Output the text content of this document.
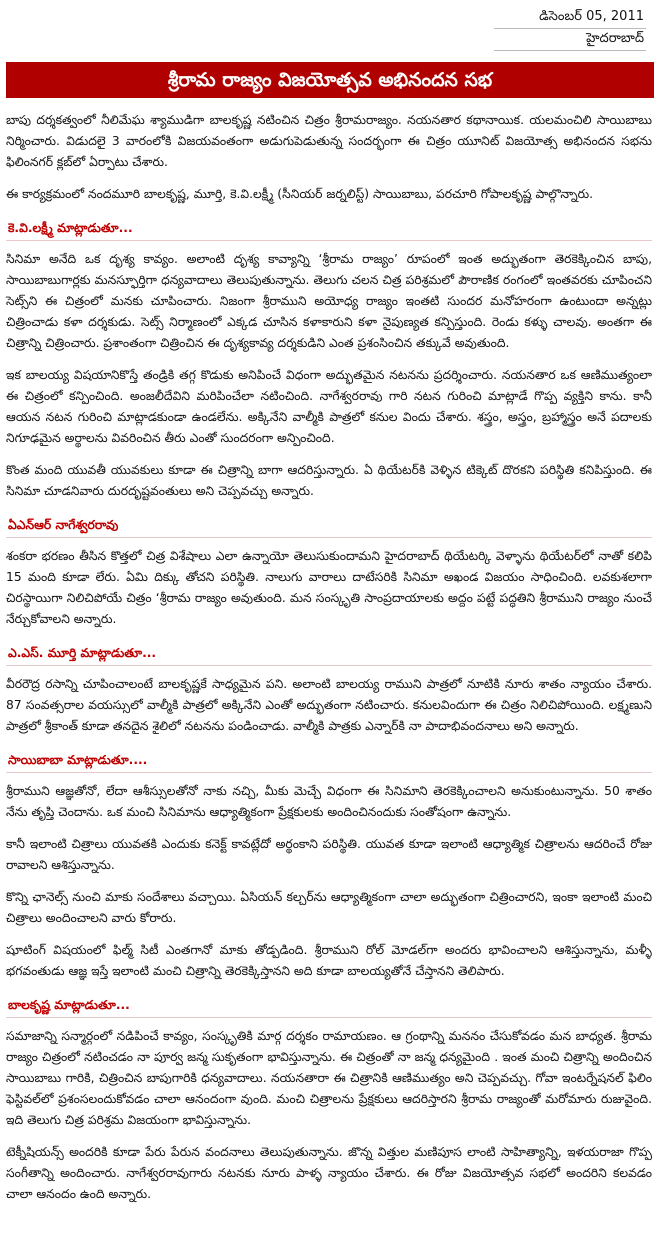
డిసెంబర్ 05, 2011
హైదరాబాద్
శ్రీరామ రాజ్యం విజయోత్సవ అభినందన సభ

బాపు దర్శకత్వంలో నీలిమేఘ శ్యాముడిగా బాలకృష్ణ నటించిన చిత్రం శ్రీరామరాజ్యం. నయనతార కథానాయిక. యలమంచిలి సాయిబాబు నిర్మించారు. విడుదలై 3 వారంలోకి విజయవంతంగా అడుగుపెడుతున్న సందర్భంగా ఈ చిత్రం యూనిట్ విజయోత్స అభినందన సభను ఫిలింనగర్ క్లబ్‌లో ఏర్పాటు చేశారు.

ఈ కార్యక్రమంలో నందమూరి బాలకృష్ణ, మూర్తి, కె.వి.లక్ష్మీ (సీనియర్ జర్నలిస్ట్) సాయిబాబు, పరచూరి గోపాలకృష్ణ పాల్గొన్నారు.

కె.వి.లక్ష్మీ మాట్లాడుతూ...

సినిమా అనేది ఒక దృశ్య కావ్యం. అలాంటి దృశ్య కావ్యాన్ని ‘శ్రీరామ రాజ్యం’ రూపంలో ఇంత అద్భుతంగా తెరకెక్కించిన బాపు, సాయిబాబుగార్లకు మనస్ఫూర్తిగా ధన్యవాదాలు తెలుపుతున్నాను. తెలుగు చలన చిత్ర పరిశ్రమలో పౌరాణిక రంగంలో ఇంతవరకు చూపించని సెట్స్‌ని ఈ చిత్రంలో మనకు చూపించారు. నిజంగా శ్రీరాముని అయోధ్య రాజ్యం ఇంతటి సుందర మనోహరంగా ఉంటుందా అన్నట్లు చిత్రించాడు కళా దర్శకుడు. సెట్స్ నిర్మాణంలో ఎక్కడ చూసిన కళాకారుని కళా నైపుణ్యత కన్పిస్తుంది. రెండు కళ్ళు చాలవు. అంతగా ఈ చిత్రాన్ని చిత్రించారు. ప్రశాంతంగా చిత్రించిన ఈ దృశ్యకావ్య దర్శకుడిని ఎంత ప్రశంసించిన తక్కువే అవుతుంది.

ఇక బాలయ్య విషయానికొస్తే తండ్రికి తగ్గ కొడుకు అనిపించే విధంగా అద్భుతమైన నటనను ప్రదర్శించారు. నయనతార ఒక ఆణిముత్యంలా ఈ చిత్రంలో కన్పించింది. అంజలీదేవిని మరిపించేలా నటించింది. నాగేశ్వరరావు గారి నటన గురించి మాట్లాడే గొప్ప వ్యక్తిని కాను. కానీ ఆయన నటన గురించి మాట్లాడకుండా ఉండలేను. అక్కినేని వాల్మీకి పాత్రలో కనుల విందు చేశారు. శస్త్రం, అస్త్రం, బ్రహ్మాస్త్రం అనే పదాలకు నిగూఢమైన అర్థాలను వివరించిన తీరు ఎంతో సుందరంగా అన్పించింది.

కొంత మంది యువతీ యువకులు కూడా ఈ చిత్రాన్ని బాగా ఆదరిస్తున్నారు. ఏ థియేటర్‌కి వెళ్ళిన టిక్కెట్ దొరకని పరిస్థితి కనిపిస్తుంది. ఈ సినిమా చూడనివారు దురదృష్టవంతులు అని చెప్పవచ్చు అన్నారు.

ఏఎన్‌ఆర్ నాగేశ్వరరావు

శంకరా భరణం తీసిన కొత్తలో చిత్ర విశేషాలు ఎలా ఉన్నాయో తెలుసుకుందామని హైదరాబాద్ థియేటర్కి వెళ్ళాను థియేటర్‌లో నాతో కలిపి 15 మంది కూడా లేరు. ఏమి దిక్కు తోచని పరిస్థితి. నాలుగు వారాలు దాటేసరికి సినిమా అఖండ విజయం సాధించింది. లవకుశలాగా చిరస్థాయిగా నిలిచిపోయే చిత్రం ‘శ్రీరామ రాజ్యం అవుతుంది. మన సంస్కృతి సాంప్రదాయాలకు అద్దం పట్టే పద్ధతిని శ్రీరాముని రాజ్యం నుంచే నేర్చుకోవాలని అన్నారు.

ఎ.ఎస్. మూర్తి మాట్లాడుతూ...

వీరరౌద్ర రసాన్ని చూపించాలంటే బాలకృష్ణకే సాధ్యమైన పని. అలాంటి బాలయ్య రాముని పాత్రలో నూటికి నూరు శాతం న్యాయం చేశారు. 87 సంవత్సరాల వయస్సులో వాల్మీకి పాత్రలో అక్కినేని ఎంతో అద్భుతంగా నటించారు. కనులవిందుగా ఈ చిత్రం నిలిచిపోయింది. లక్ష్మణుని పాత్రలో శ్రీకాంత్ కూడా తనదైన శైలిలో నటనను పండించాడు. వాల్మీకి పాత్రకు ఎన్నార్‌కి నా పాదాభివందనాలు అని అన్నారు.

సాయిబాబా మాట్లాడుతూ....

శ్రీరాముని ఆజ్ఞతోనో, లేదా ఆశీస్సులతోనో నాకు నచ్చి, మీకు మెచ్చే విధంగా ఈ సినిమాని తెరకెక్కించాలని అనుకుంటున్నాను. 50 శాతం నేను తృప్తి చెందాను. ఒక మంచి సినిమాను ఆధ్యాత్మికంగా ప్రేక్షకులకు అందించినందుకు సంతోషంగా ఉన్నాను.

కానీ ఇలాంటి చిత్రాలు యువతకి ఎందుకు కనెక్ట్ కావట్లేదో అర్థంకాని పరిస్థితి. యువత కూడా ఇలాంటి ఆధ్యాత్మిక చిత్రాలను ఆదరించే రోజు రావాలని ఆశిస్తున్నాను.

కొన్ని ఛానెల్స్ నుంచి మాకు సందేశాలు వచ్చాయి. ఏసియన్ కల్చర్‌ను ఆధ్యాత్మికంగా చాలా అద్భుతంగా చిత్రించారని, ఇంకా ఇలాంటి మంచి చిత్రాలు అందించాలని వారు కోరారు.

షూటింగ్ విషయంలో ఫిల్మ్ సిటీ ఎంతగానో మాకు తోడ్పడింది. శ్రీరాముని రోల్ మోడల్‌గా అందరు భావించాలని ఆశిస్తున్నాను, మళ్ళీ భగవంతుడు ఆజ్ఞ ఇస్తే ఇలాంటి మంచి చిత్రాన్ని తెరకెక్కిస్తానని అది కూడా బాలయ్యతోనే చేస్తానని తెలిపారు.

బాలకృష్ణ మాట్లాడుతూ...

సమాజాన్ని సన్మార్గంలో నడిపించే కావ్యం, సంస్కృతికి మార్గ దర్శకం రామాయణం. ఆ గ్రంథాన్ని మననం చేసుకోవడం మన బాధ్యత. శ్రీరామ రాజ్యం చిత్రంలో నటించడం నా పూర్వ జన్మ సుకృతంగా భావిస్తున్నాను. ఈ చిత్రంతో నా జన్మ ధన్యమైంది . ఇంత మంచి చిత్రాన్ని అందించిన సాయిబాబు గారికి, చిత్రించిన బాపుగారికి ధన్యవాదాలు. నయనతారా ఈ చిత్రానికి ఆణిముత్యం అని చెప్పవచ్చు. గోవా ఇంటర్నేషనల్ ఫిలిం ఫెస్టివల్‌లో ప్రశంసలందుకోవడం చాలా ఆనందంగా వుంది. మంచి చిత్రాలను ప్రేక్షకులు ఆదరిస్తారని శ్రీరామ రాజ్యంతో మరోమారు రుజువైంది. ఇది తెలుగు చిత్ర పరిశ్రమ విజయంగా భావిస్తున్నాను.

టెక్నీషియన్స్ అందరికి కూడా పేరు పేరున వందనాలు తెలుపుతున్నాను. జొన్న విత్తుల మణిపూస లాంటి సాహిత్యాన్ని, ఇళయరాజా గొప్ప సంగీతాన్ని అందించారు. నాగేశ్వరరావుగారు నటనకు నూరు పాళ్ళ న్యాయం చేశారు. ఈ రోజు విజయోత్సవ సభలో అందరిని కలవడం చాలా ఆనందం ఉంది అన్నారు.
